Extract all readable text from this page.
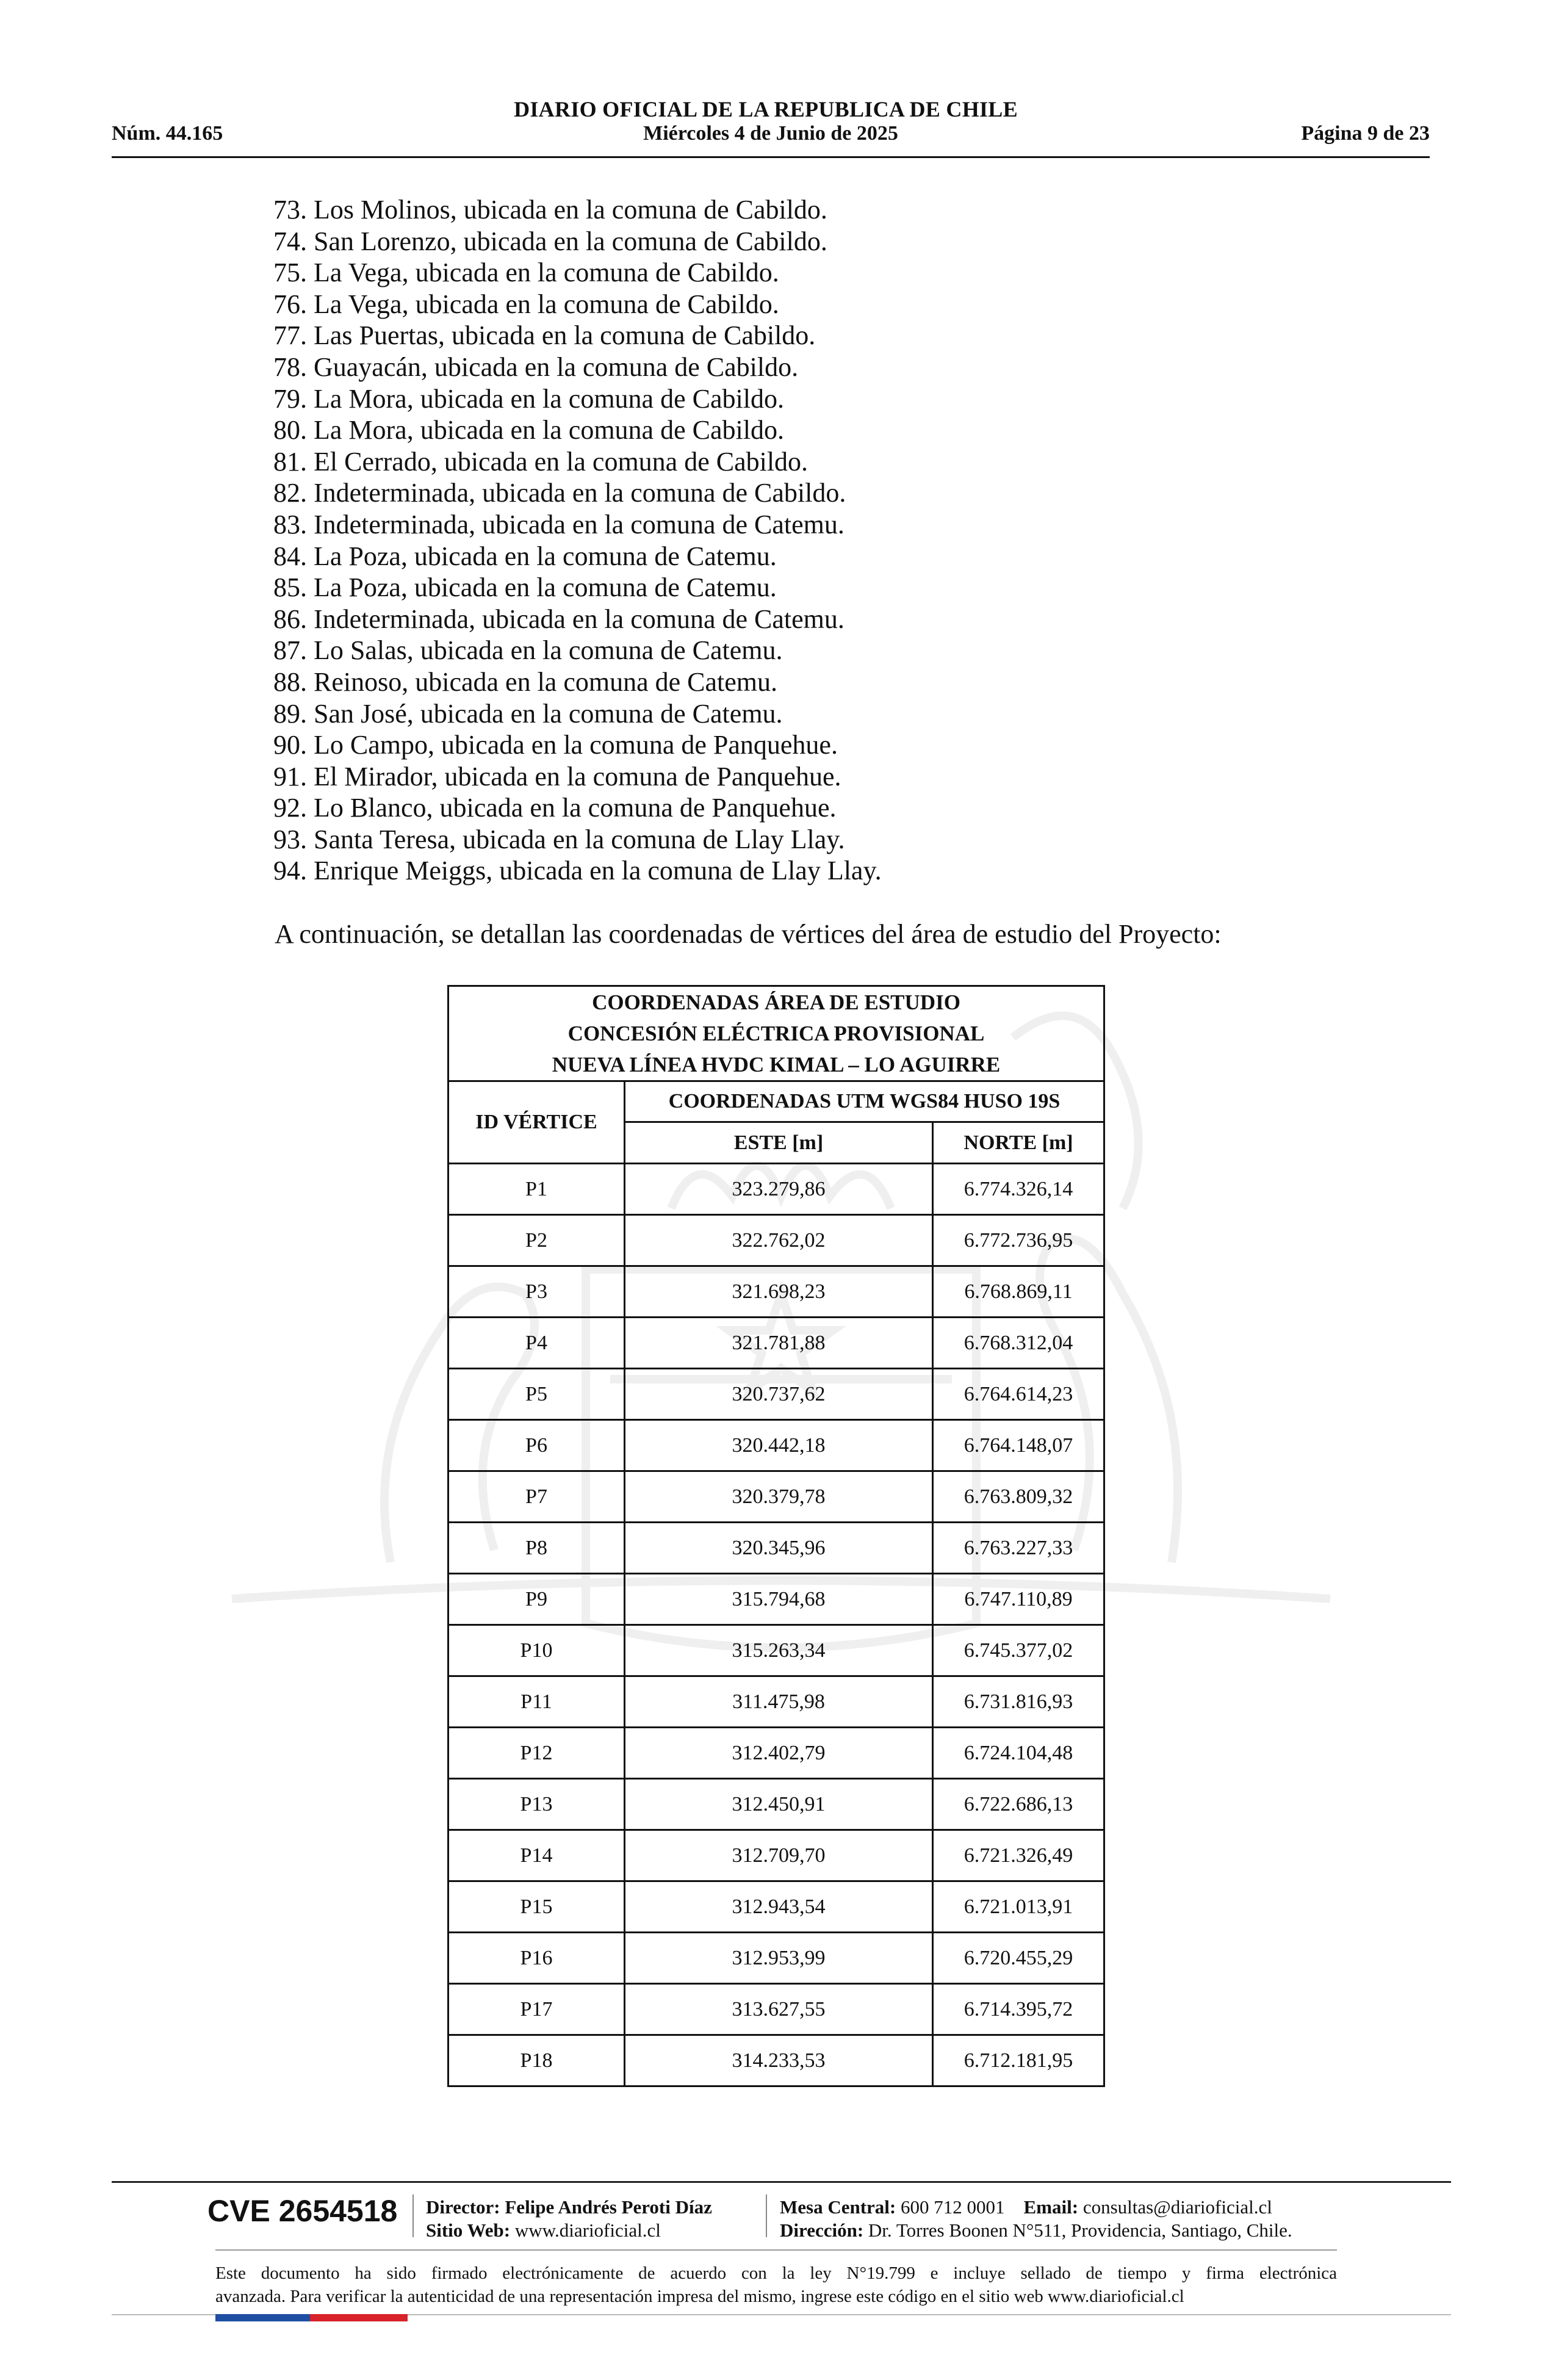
DIARIO OFICIAL DE LA REPUBLICA DE CHILE
Núm. 44.165	Miércoles 4 de Junio de 2025	Página 9 de 23
73. Los Molinos, ubicada en la comuna de Cabildo.
74. San Lorenzo, ubicada en la comuna de Cabildo.
75. La Vega, ubicada en la comuna de Cabildo.
76. La Vega, ubicada en la comuna de Cabildo.
77. Las Puertas, ubicada en la comuna de Cabildo.
78. Guayacán, ubicada en la comuna de Cabildo.
79. La Mora, ubicada en la comuna de Cabildo.
80. La Mora, ubicada en la comuna de Cabildo.
81. El Cerrado, ubicada en la comuna de Cabildo.
82. Indeterminada, ubicada en la comuna de Cabildo.
83. Indeterminada, ubicada en la comuna de Catemu.
84. La Poza, ubicada en la comuna de Catemu.
85. La Poza, ubicada en la comuna de Catemu.
86. Indeterminada, ubicada en la comuna de Catemu.
87. Lo Salas, ubicada en la comuna de Catemu.
88. Reinoso, ubicada en la comuna de Catemu.
89. San José, ubicada en la comuna de Catemu.
90. Lo Campo, ubicada en la comuna de Panquehue.
91. El Mirador, ubicada en la comuna de Panquehue.
92. Lo Blanco, ubicada en la comuna de Panquehue.
93. Santa Teresa, ubicada en la comuna de Llay Llay.
94. Enrique Meiggs, ubicada en la comuna de Llay Llay.
A continuación, se detallan las coordenadas de vértices del área de estudio del Proyecto:
COORDENADAS ÁREA DE ESTUDIO
CONCESIÓN ELÉCTRICA PROVISIONAL
NUEVA LÍNEA HVDC KIMAL – LO AGUIRRE		

ID VÉRTICE	COORDENADAS UTM WGS84 HUSO 19S	
	ESTE [m]	NORTE [m]
P1	323.279,86	6.774.326,14
P2	322.762,02	6.772.736,95
P3	321.698,23	6.768.869,11
P4	321.781,88	6.768.312,04
P5	320.737,62	6.764.614,23
P6	320.442,18	6.764.148,07
P7	320.379,78	6.763.809,32
P8	320.345,96	6.763.227,33
P9	315.794,68	6.747.110,89
P10	315.263,34	6.745.377,02
P11	311.475,98	6.731.816,93
P12	312.402,79	6.724.104,48
P13	312.450,91	6.722.686,13
P14	312.709,70	6.721.326,49
P15	312.943,54	6.721.013,91
P16	312.953,99	6.720.455,29
P17	313.627,55	6.714.395,72
P18	314.233,53	6.712.181,95
CVE 2654518 Director: Felipe Andrés Peroti Díaz
Sitio Web: www.diarioficial.cl
Mesa Central: 600 712 0001 Email: consultas@diarioficial.cl
Dirección: Dr. Torres Boonen N°511, Providencia, Santiago, Chile.
Este documento ha sido firmado electrónicamente de acuerdo con la ley N°19.799 e incluye sellado de tiempo y firma electrónica
avanzada. Para verificar la autenticidad de una representación impresa del mismo, ingrese este código en el sitio web www.diarioficial.cl
